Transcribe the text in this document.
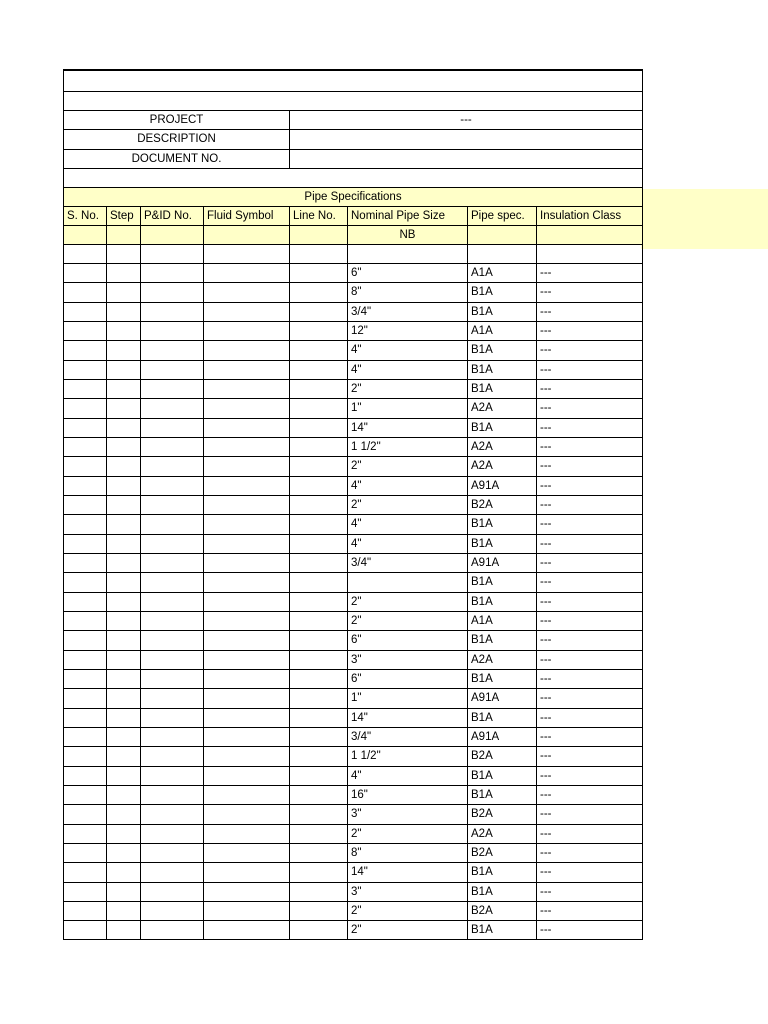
PROJECT				---			
DESCRIPTION							
DOCUMENT NO.							

Pipe Specifications							
S. No.	Step	P&ID No.	Fluid Symbol	Line No.	Nominal Pipe Size	Pipe spec.	Insulation Class
					NB		

					6"	A1A	---
					8"	B1A	---
					3/4"	B1A	---
					12"	A1A	---
					4"	B1A	---
					4"	B1A	---
					2"	B1A	---
					1"	A2A	---
					14"	B1A	---
					1 1/2"	A2A	---
					2"	A2A	---
					4"	A91A	---
					2"	B2A	---
					4"	B1A	---
					4"	B1A	---
					3/4"	A91A	---
						B1A	---
					2"	B1A	---
					2"	A1A	---
					6"	B1A	---
					3"	A2A	---
					6"	B1A	---
					1"	A91A	---
					14"	B1A	---
					3/4"	A91A	---
					1 1/2"	B2A	---
					4"	B1A	---
					16"	B1A	---
					3"	B2A	---
					2"	A2A	---
					8"	B2A	---
					14"	B1A	---
					3"	B1A	---
					2"	B2A	---
					2"	B1A	---
